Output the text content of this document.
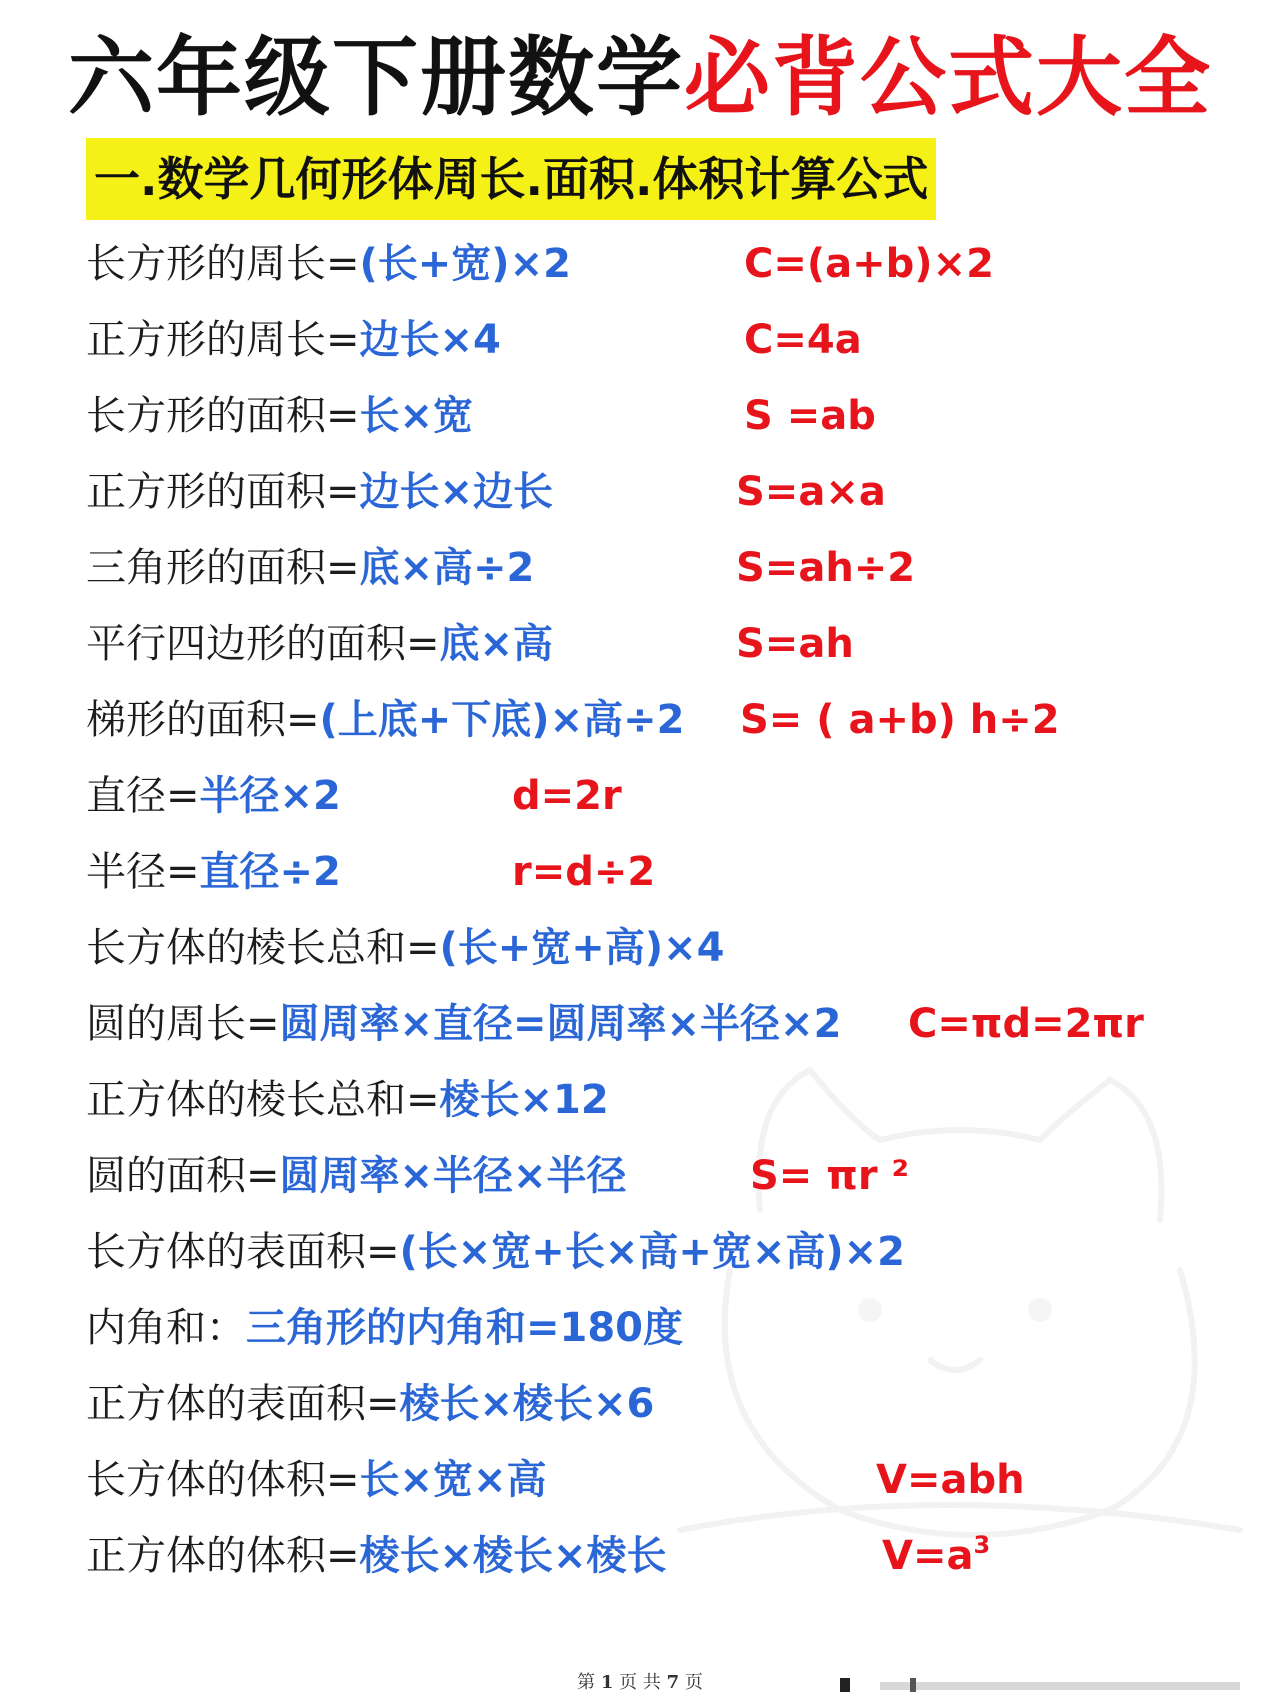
六年级下册数学必背公式大全
一.数学几何形体周长.面积.体积计算公式
长方形的周长=(长+宽)×2	C=(a+b)×2
正方形的周长=边长×4	C=4a
长方形的面积=长×宽	S =ab
正方形的面积=边长×边长	S=a×a
三角形的面积=底×高÷2	S=ah÷2
平行四边形的面积=底×高	S=ah
梯形的面积=(上底+下底)×高÷2 S= ( a+b) h÷2
直径=半径×2	d=2r
半径=直径÷2	r=d÷2
长方体的棱长总和=(长+宽+高)×4
圆的周长=圆周率×直径=圆周率×半径×2 C=πd=2πr
正方体的棱长总和=棱长×12
圆的面积=圆周率×半径×半径	S= πr ²
长方体的表面积=(长×宽+长×高+宽×高)×2
内角和：三角形的内角和=180度
正方体的表面积=棱长×棱长×6
长方体的体积=长×宽×高	V=abh
正方体的体积=棱长×棱长×棱长	$V=a^3$
第 1 页 共 7 页
